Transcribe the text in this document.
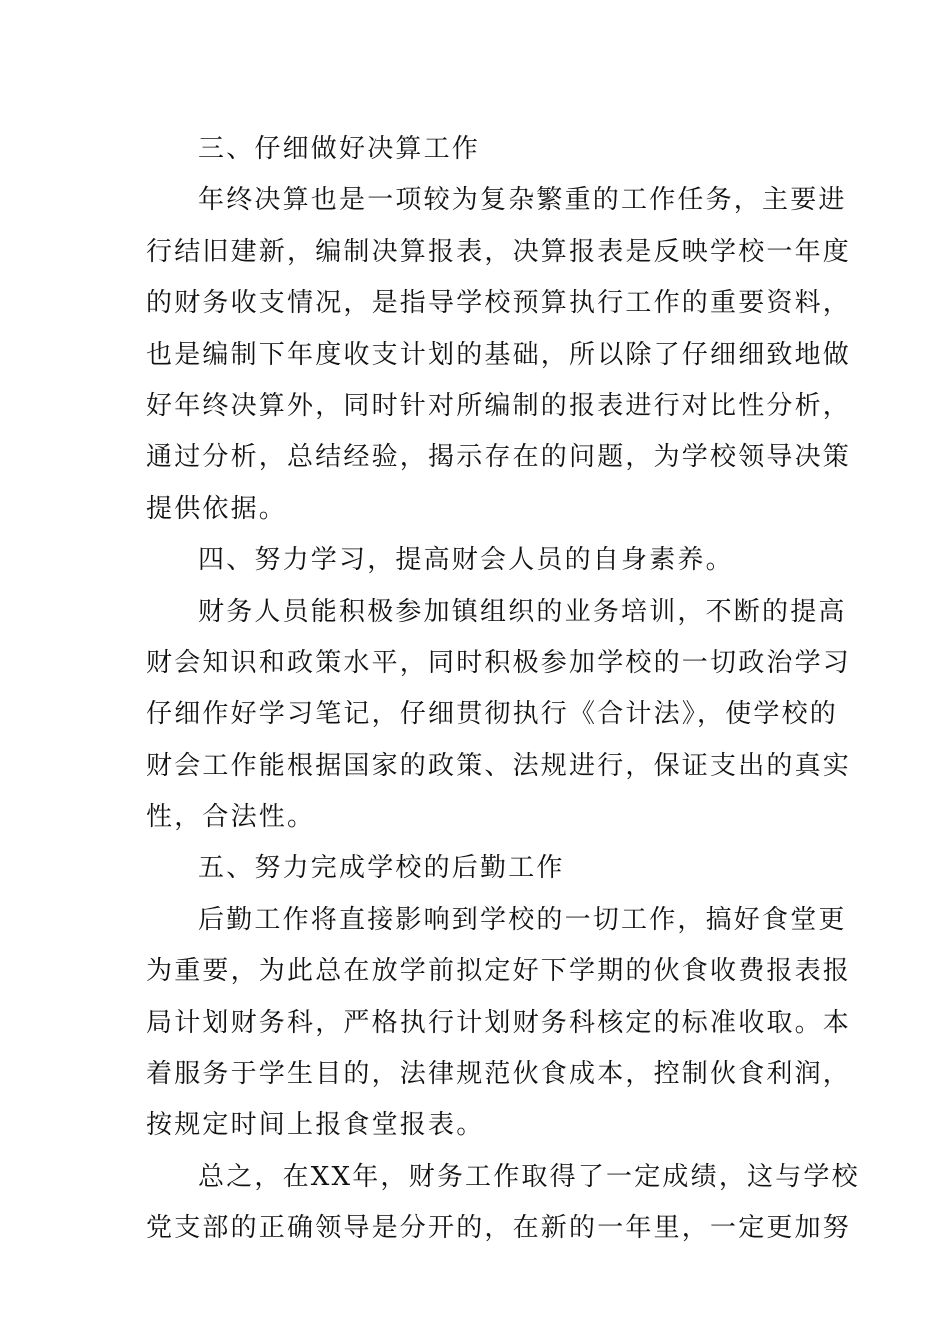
三、仔细做好决算工作
年终决算也是一项较为复杂繁重的工作任务，主要进
行结旧建新，编制决算报表，决算报表是反映学校一年度
的财务收支情况，是指导学校预算执行工作的重要资料，
也是编制下年度收支计划的基础，所以除了仔细细致地做
好年终决算外，同时针对所编制的报表进行对比性分析，
通过分析，总结经验，揭示存在的问题，为学校领导决策
提供依据。
四、努力学习，提高财会人员的自身素养。
财务人员能积极参加镇组织的业务培训，不断的提高
财会知识和政策水平，同时积极参加学校的一切政治学习
仔细作好学习笔记，仔细贯彻执行《合计法》，使学校的
财会工作能根据国家的政策、法规进行，保证支出的真实
性，合法性。
五、努力完成学校的后勤工作
后勤工作将直接影响到学校的一切工作，搞好食堂更
为重要，为此总在放学前拟定好下学期的伙食收费报表报
局计划财务科，严格执行计划财务科核定的标准收取。本
着服务于学生目的，法律规范伙食成本，控制伙食利润，
按规定时间上报食堂报表。
总之，在XX年，财务工作取得了一定成绩，这与学校
党支部的正确领导是分开的，在新的一年里，一定更加努
